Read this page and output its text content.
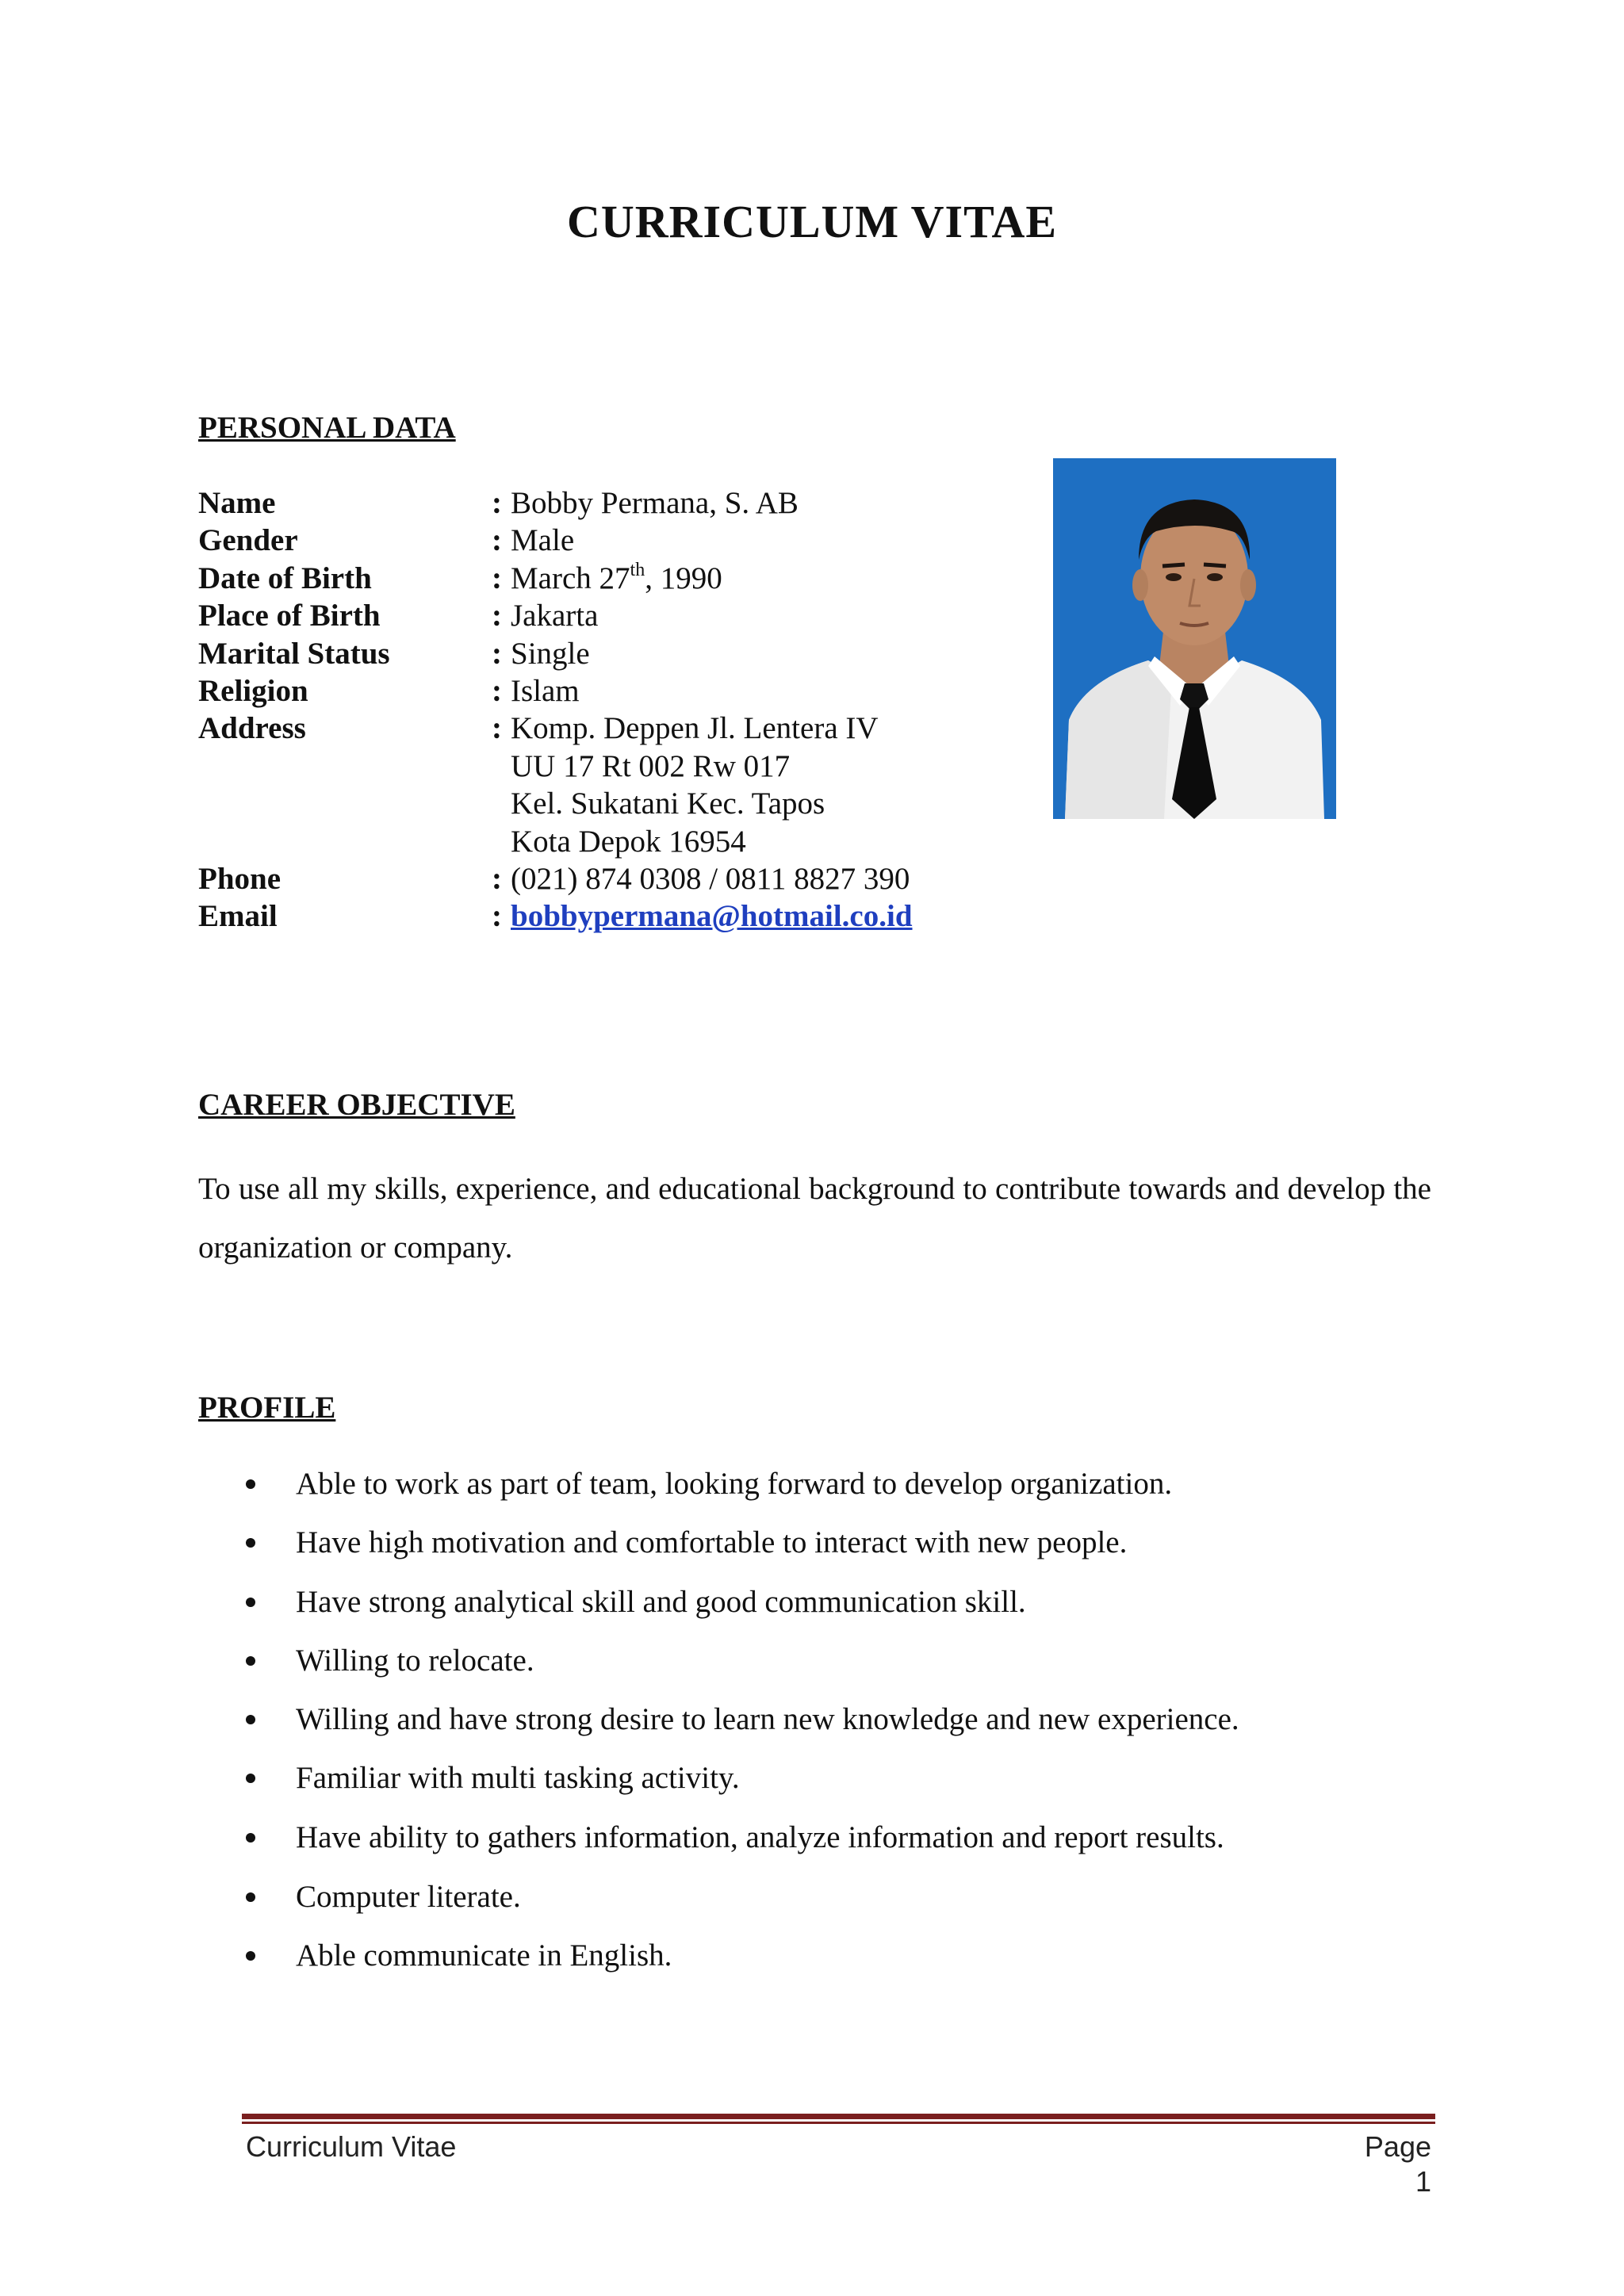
CURRICULUM VITAE
PERSONAL DATA
Name	: Bobby Permana, S. AB
Gender	: Male
Date of Birth	: March 27th, 1990
Place of Birth	: Jakarta
Marital Status	: Single
Religion	: Islam
Address	: Komp. Deppen Jl. Lentera IV
UU 17 Rt 002 Rw 017
Kel. Sukatani Kec. Tapos
Kota Depok 16954
Phone	: (021) 874 0308 / 0811 8827 390
Email	: bobbypermana@hotmail.co.id
CAREER OBJECTIVE
To use all my skills, experience, and educational background to contribute towards and develop the organization or company.
PROFILE
Able to work as part of team, looking forward to develop organization.
Have high motivation and comfortable to interact with new people.
Have strong analytical skill and good communication skill.
Willing to relocate.
Willing and have strong desire to learn new knowledge and new experience.
Familiar with multi tasking activity.
Have ability to gathers information, analyze information and report results.
Computer literate.
Able communicate in English.
Curriculum Vitae	Page 1
